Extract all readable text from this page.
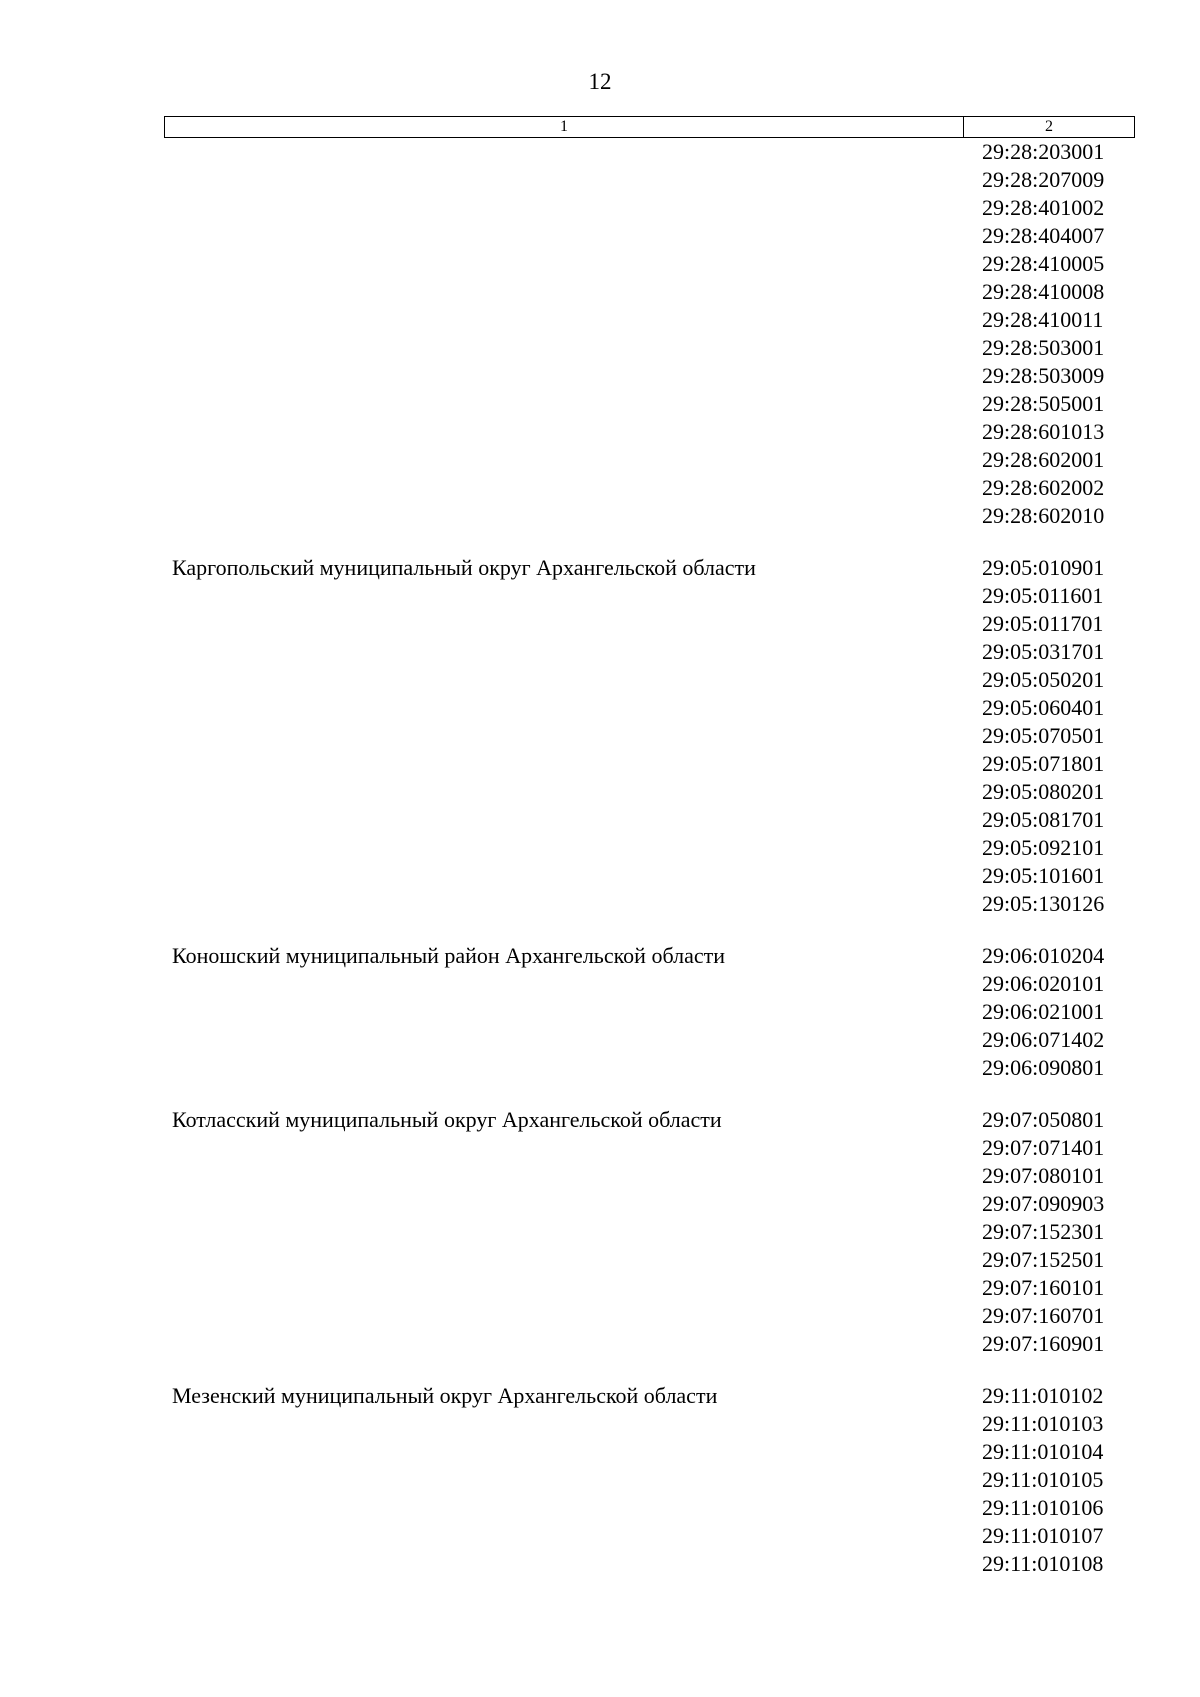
12
1	2
29:28:203001
29:28:207009
29:28:401002
29:28:404007
29:28:410005
29:28:410008
29:28:410011
29:28:503001
29:28:503009
29:28:505001
29:28:601013
29:28:602001
29:28:602002
29:28:602010
Каргопольский муниципальный округ Архангельской области	29:05:010901
29:05:011601
29:05:011701
29:05:031701
29:05:050201
29:05:060401
29:05:070501
29:05:071801
29:05:080201
29:05:081701
29:05:092101
29:05:101601
29:05:130126
Коношский муниципальный район Архангельской области	29:06:010204
29:06:020101
29:06:021001
29:06:071402
29:06:090801
Котласский муниципальный округ Архангельской области	29:07:050801
29:07:071401
29:07:080101
29:07:090903
29:07:152301
29:07:152501
29:07:160101
29:07:160701
29:07:160901
Мезенский муниципальный округ Архангельской области	29:11:010102
29:11:010103
29:11:010104
29:11:010105
29:11:010106
29:11:010107
29:11:010108
